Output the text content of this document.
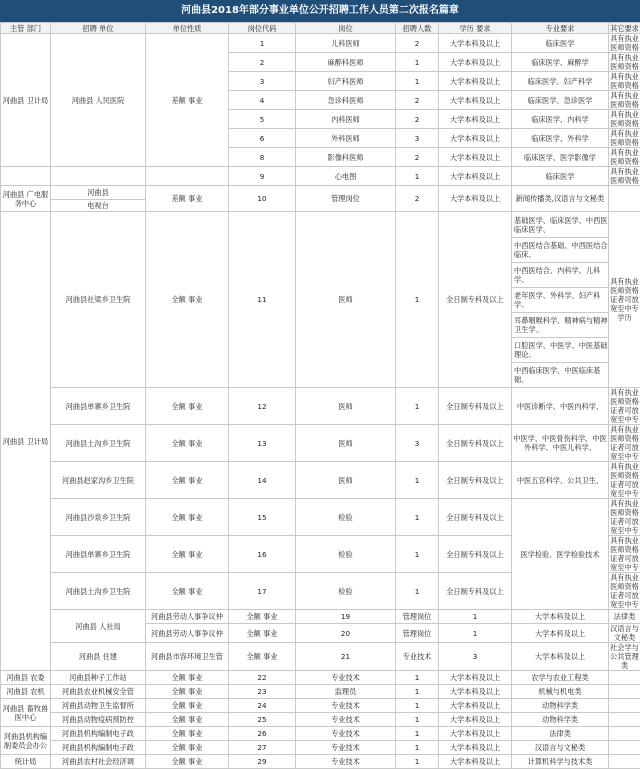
河曲县2018年部分事业单位公开招聘工作人员第二次报名篇章
主管 部门	招聘 单位	单位性质	岗位代码	岗位	招聘人数	学历 要求	专业要求	其它要求	
河曲县 卫计局	河曲县 人民医院	差额 事业	1	儿科医师	2	大学本科及以上	临床医学	具有执业医师资格	
			2	麻醉科医师	1	大学本科及以上	临床医学、麻醉学	具有执业医师资格	
			3	妇产科医师	1	大学本科及以上	临床医学、妇产科学	具有执业医师资格	
			4	急诊科医师	2	大学本科及以上	临床医学、急诊医学	具有执业医师资格	
			5	内科医师	2	大学本科及以上	临床医学、内科学	具有执业医师资格	
			6	外科医师	3	大学本科及以上	临床医学、外科学	具有执业医师资格	
			8	影像科医师	2	大学本科及以上	临床医学、医学影像学	具有执业医师资格	
			9	心电图	1	大学本科及以上	临床医学	具有执业医师资格	
河曲县 广电服务中心	河曲县	差额 事业	10	管理岗位	2	大学本科及以上	新闻传播类,汉语言与文秘类		
	电视台								
河曲县 卫计局	河曲县社梁乡卫生院	全额 事业	11	医师	1	全日制专科及以上	基础医学、临床医学、中西医临床医学、	具有执业医师资格证者可放宽至中专学历	
							中西医结合基础、中西医结合临床、		
							中西医结合、内科学、儿科学、		
							老年医学、外科学、妇产科学、		
							耳鼻咽喉科学、精神病与精神卫生学、		
							口腔医学、中医学、中医基础理论、		
							中西临床医学、中医临床基础、		
	河曲县单寨乡卫生院	全额 事业	12	医师	1	全日制专科及以上	中医诊断学、中医内科学、	具有执业医师资格证者可放宽至中专	
	河曲县土沟乡卫生院	全额 事业	13	医师	3	全日制专科及以上	中医学、中医骨伤科学、中医外科学、中医儿科学、	具有执业医师资格证者可放宽至中专	
	河曲县赵家沟乡卫生院	全额 事业	14	医师	1	全日制专科及以上	中医五官科学、公共卫生、	具有执业医师资格证者可放宽至中专	
	河曲县沙泉乡卫生院	全额 事业	15	检验	1	全日制专科及以上	医学检验、医学检验技术	具有执业医师资格证者可放宽至中专	
	河曲县单寨乡卫生院	全额 事业	16	检验	1	全日制专科及以上		具有执业医师资格证者可放宽至中专	
	河曲县土沟乡卫生院	全额 事业	17	检验	1	全日制专科及以上		具有执业医师资格证者可放宽至中专	
	河曲县 人社局	河曲县劳动人事争议仲	全额 事业	19	管理岗位	1	大学本科及以上	法律类	
		河曲县劳动人事争议仲	全额 事业	20	管理岗位	1	大学本科及以上	汉语言与文秘类	
	河曲县 住建	河曲县市容环境卫生管	全额 事业	21	专业技术	3	大学本科及以上	社会学与公共管理类	
河曲县 农委	河曲县种子工作站	全额 事业	22	专业技术	1	大学本科及以上	农学与农业工程类		
河曲县 农机	河曲县农业机械安全管	全额 事业	23	监理员	1	大学本科及以上	机械与机电类		
河曲县 畜牧兽医中心	河曲县动物卫生监督所	全额 事业	24	专业技术	1	大学本科及以上	动物科学类		
	河曲县动物疫病预防控	全额 事业	25	专业技术	1	大学本科及以上	动物科学类		
河曲县机构编制委员会办公	河曲县机构编制电子政	全额 事业	26	专业技术	1	大学本科及以上	法律类		
	河曲县机构编制电子政	全额 事业	27	专业技术	1	大学本科及以上	汉语言与文秘类		
统计局	河曲县农村社会经济调	全额 事业	29	专业技术	1	大学本科及以上	计算机科学与技术类		
